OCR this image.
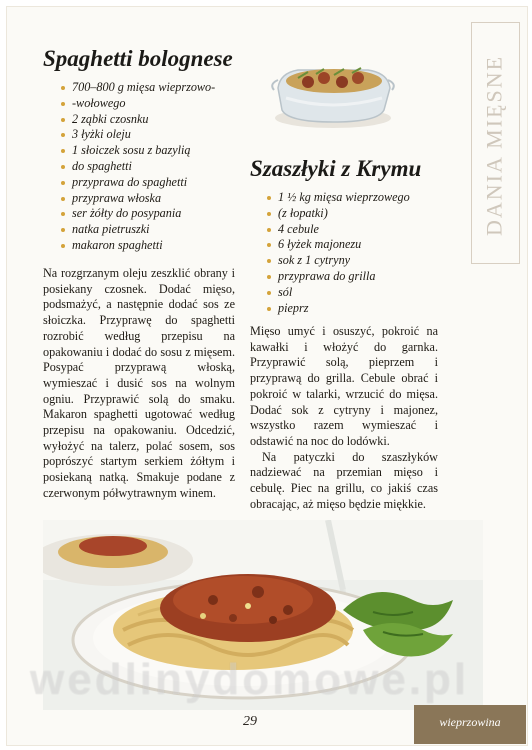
DANIA MIĘSNE
Spaghetti bolognese
700–800 g mięsa wieprzowo-
-wołowego
2 ząbki czosnku
3 łyżki oleju
1 słoiczek sosu z bazylią
do spaghetti
przyprawa do spaghetti
przyprawa włoska
ser żółty do posypania
natka pietruszki
makaron spaghetti

Na rozgrzanym oleju zeszklić obrany i posiekany czosnek. Dodać mięso, podsmażyć, a następnie dodać sos ze słoiczka. Przyprawę do spaghetti rozrobić według przepisu na opakowaniu i dodać do sosu z mięsem. Posypać przyprawą włoską, wymieszać i dusić sos na wolnym ogniu. Przyprawić solą do smaku. Makaron spaghetti ugotować według przepisu na opakowaniu. Odcedzić, wyłożyć na talerz, polać sosem, sos poprószyć startym serkiem żółtym i posiekaną natką. Smakuje podane z czerwonym półwytrawnym winem.

Szaszłyki z Krymu
1 ½ kg mięsa wieprzowego
(z łopatki)
4 cebule
6 łyżek majonezu
sok z 1 cytryny
przyprawa do grilla
sól
pieprz

Mięso umyć i osuszyć, pokroić na kawałki i włożyć do garnka. Przyprawić solą, pieprzem i przyprawą do grilla. Cebule obrać i pokroić w talarki, wrzucić do mięsa. Dodać sok z cytryny i majonez, wszystko razem wymieszać i odstawić na noc do lodówki.

Na patyczki do szaszłyków nadziewać na przemian mięso i cebulę. Piec na grillu, co jakiś czas obracając, aż mięso będzie miękkie.

wedlinydomowe.pl
29	wieprzowina
